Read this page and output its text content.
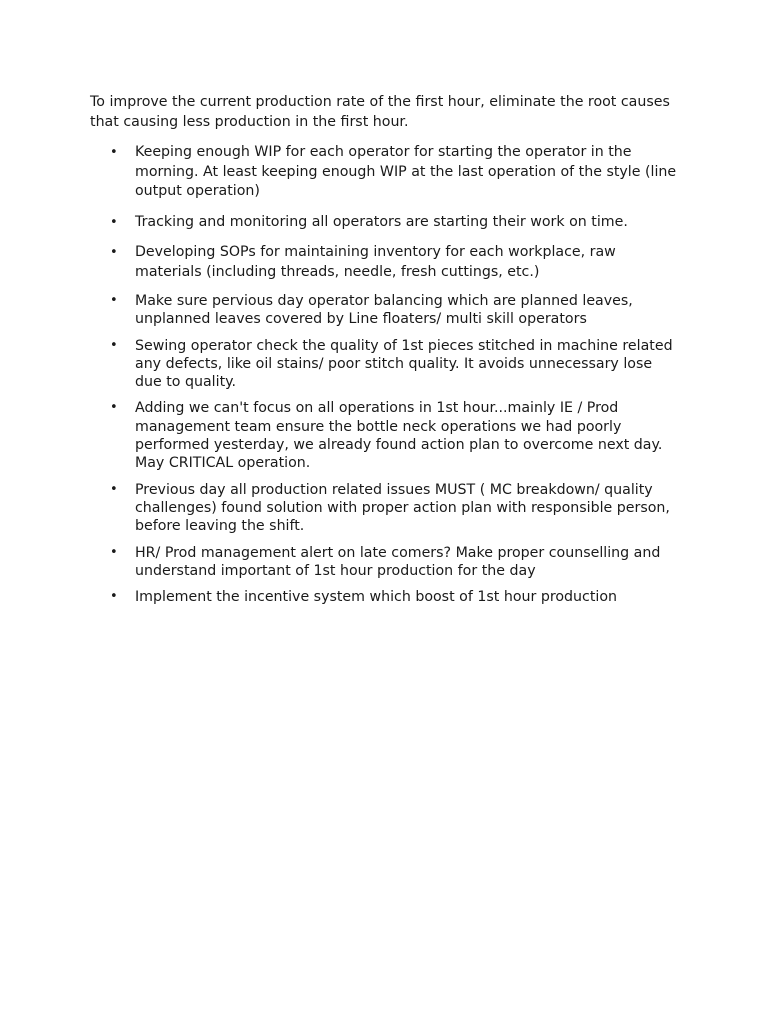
To improve the current production rate of the first hour, eliminate the root causes that causing less production in the first hour.

• Keeping enough WIP for each operator for starting the operator in the morning. At least keeping enough WIP at the last operation of the style (line output operation)
• Tracking and monitoring all operators are starting their work on time.
• Developing SOPs for maintaining inventory for each workplace, raw materials (including threads, needle, fresh cuttings, etc.)
• Make sure pervious day operator balancing which are planned leaves, unplanned leaves covered by Line floaters/ multi skill operators
• Sewing operator check the quality of 1st pieces stitched in machine related any defects, like oil stains/ poor stitch quality. It avoids unnecessary lose due to quality.
• Adding we can't focus on all operations in 1st hour...mainly IE / Prod management team ensure the bottle neck operations we had poorly performed yesterday, we already found action plan to overcome next day. May CRITICAL operation.
• Previous day all production related issues MUST ( MC breakdown/ quality challenges) found solution with proper action plan with responsible person, before leaving the shift.
• HR/ Prod management alert on late comers? Make proper counselling and understand important of 1st hour production for the day
• Implement the incentive system which boost of 1st hour production
